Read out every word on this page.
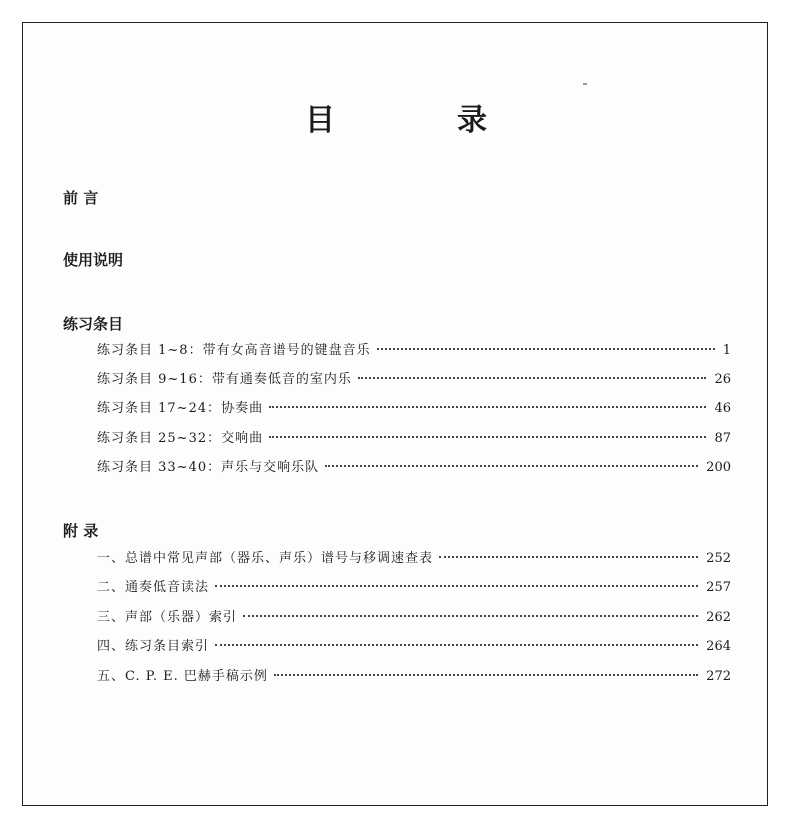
目　录
前 言
使用说明
练习条目
练习条目 1~8：带有女高音谱号的键盘音乐	1
练习条目 9~16：带有通奏低音的室内乐	26
练习条目 17~24：协奏曲	46
练习条目 25~32：交响曲	87
练习条目 33~40：声乐与交响乐队	200
附 录
一、总谱中常见声部（器乐、声乐）谱号与移调速查表	252
二、通奏低音读法	257
三、声部（乐器）索引	262
四、练习条目索引	264
五、C. P. E. 巴赫手稿示例	272
